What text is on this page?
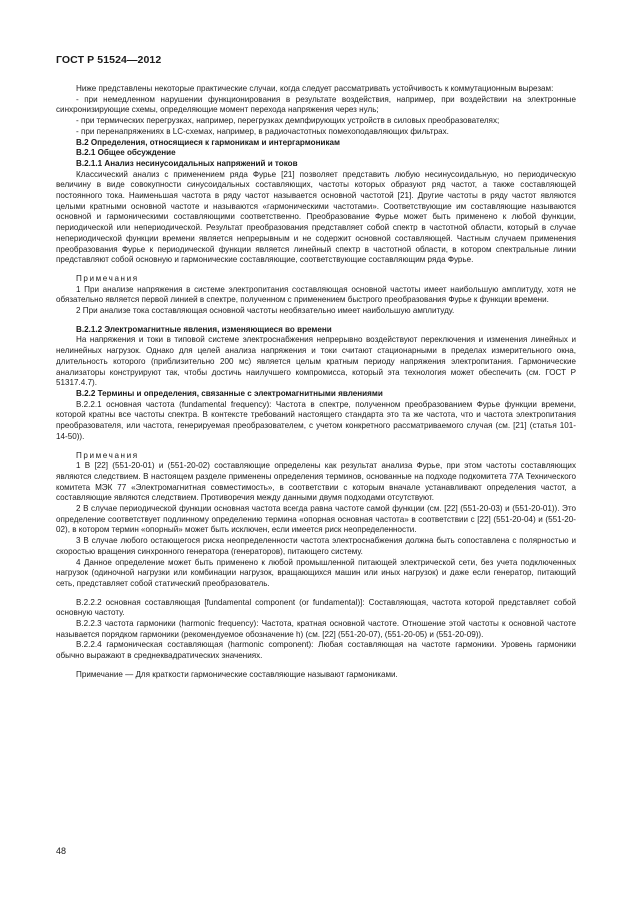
ГОСТ Р 51524—2012

Ниже представлены некоторые практические случаи, когда следует рассматривать устойчивость к коммутационным вырезам:

- при немедленном нарушении функционирования в результате воздействия, например, при воздействии на электронные синхронизирующие схемы, определяющие момент перехода напряжения через нуль;

- при термических перегрузках, например, перегрузках демпфирующих устройств в силовых преобразователях;

- при перенапряжениях в LC-схемах, например, в радиочастотных помехоподавляющих фильтрах.

В.2 Определения, относящиеся к гармоникам и интергармоникам

В.2.1 Общее обсуждение

В.2.1.1 Анализ несинусоидальных напряжений и токов

Классический анализ с применением ряда Фурье [21] позволяет представить любую несинусоидальную, но периодическую величину в виде совокупности синусоидальных составляющих, частоты которых образуют ряд частот, а также составляющей постоянного тока. Наименьшая частота в ряду частот называется основной частотой [21]. Другие частоты в ряду частот являются целыми кратными основной частоте и называются «гармоническими частотами». Соответствующие им составляющие называются основной и гармоническими составляющими соответственно. Преобразование Фурье может быть применено к любой функции, периодической или непериодической. Результат преобразования представляет собой спектр в частотной области, который в случае непериодической функции времени является непрерывным и не содержит основной составляющей. Частным случаем применения преобразования Фурье к периодической функции является линейный спектр в частотной области, в котором спектральные линии представляют собой основную и гармонические составляющие, соответствующие составляющим ряда Фурье.

Примечания

1 При анализе напряжения в системе электропитания составляющая основной частоты имеет наибольшую амплитуду, хотя не обязательно является первой линией в спектре, полученном с применением быстрого преобразования Фурье к функции времени.

2 При анализе тока составляющая основной частоты необязательно имеет наибольшую амплитуду.

В.2.1.2 Электромагнитные явления, изменяющиеся во времени

На напряжения и токи в типовой системе электроснабжения непрерывно воздействуют переключения и изменения линейных и нелинейных нагрузок. Однако для целей анализа напряжения и токи считают стационарными в пределах измерительного окна, длительность которого (приблизительно 200 мс) является целым кратным периоду напряжения электропитания. Гармонические анализаторы конструируют так, чтобы достичь наилучшего компромисса, который эта технология может обеспечить (см. ГОСТ Р 51317.4.7).

В.2.2 Термины и определения, связанные с электромагнитными явлениями

В.2.2.1 основная частота (fundamental frequency): Частота в спектре, полученном преобразованием Фурье функции времени, которой кратны все частоты спектра. В контексте требований настоящего стандарта это та же частота, что и частота электропитания преобразователя, или частота, генерируемая преобразователем, с учетом конкретного рассматриваемого случая (см. [21] (статья 101-14-50)).

Примечания

1 В [22] (551-20-01) и (551-20-02) составляющие определены как результат анализа Фурье, при этом частоты составляющих являются следствием. В настоящем разделе применены определения терминов, основанные на подходе подкомитета 77А Технического комитета МЭК 77 «Электромагнитная совместимость», в соответствии с которым вначале устанавливают определения частот, а составляющие являются следствием. Противоречия между данными двумя подходами отсутствуют.

2 В случае периодической функции основная частота всегда равна частоте самой функции (см. [22] (551-20-03) и (551-20-01)). Это определение соответствует подлинному определению термина «опорная основная частота» в соответствии с [22] (551-20-04) и (551-20-02), в котором термин «опорный» может быть исключен, если имеется риск неопределенности.

3 В случае любого остающегося риска неопределенности частота электроснабжения должна быть сопоставлена с полярностью и скоростью вращения синхронного генератора (генераторов), питающего систему.

4 Данное определение может быть применено к любой промышленной питающей электрической сети, без учета подключенных нагрузок (одиночной нагрузки или комбинации нагрузок, вращающихся машин или иных нагрузок) и даже если генератор, питающий сеть, представляет собой статический преобразователь.

В.2.2.2 основная составляющая [fundamental component (or fundamental)]: Составляющая, частота которой представляет собой основную частоту.

В.2.2.3 частота гармоники (harmonic frequency): Частота, кратная основной частоте. Отношение этой частоты к основной частоте называется порядком гармоники (рекомендуемое обозначение h) (см. [22] (551-20-07), (551-20-05) и (551-20-09)).

В.2.2.4 гармоническая составляющая (harmonic component): Любая составляющая на частоте гармоники. Уровень гармоники обычно выражают в среднеквадратических значениях.

Примечание — Для краткости гармонические составляющие называют гармониками.

48
